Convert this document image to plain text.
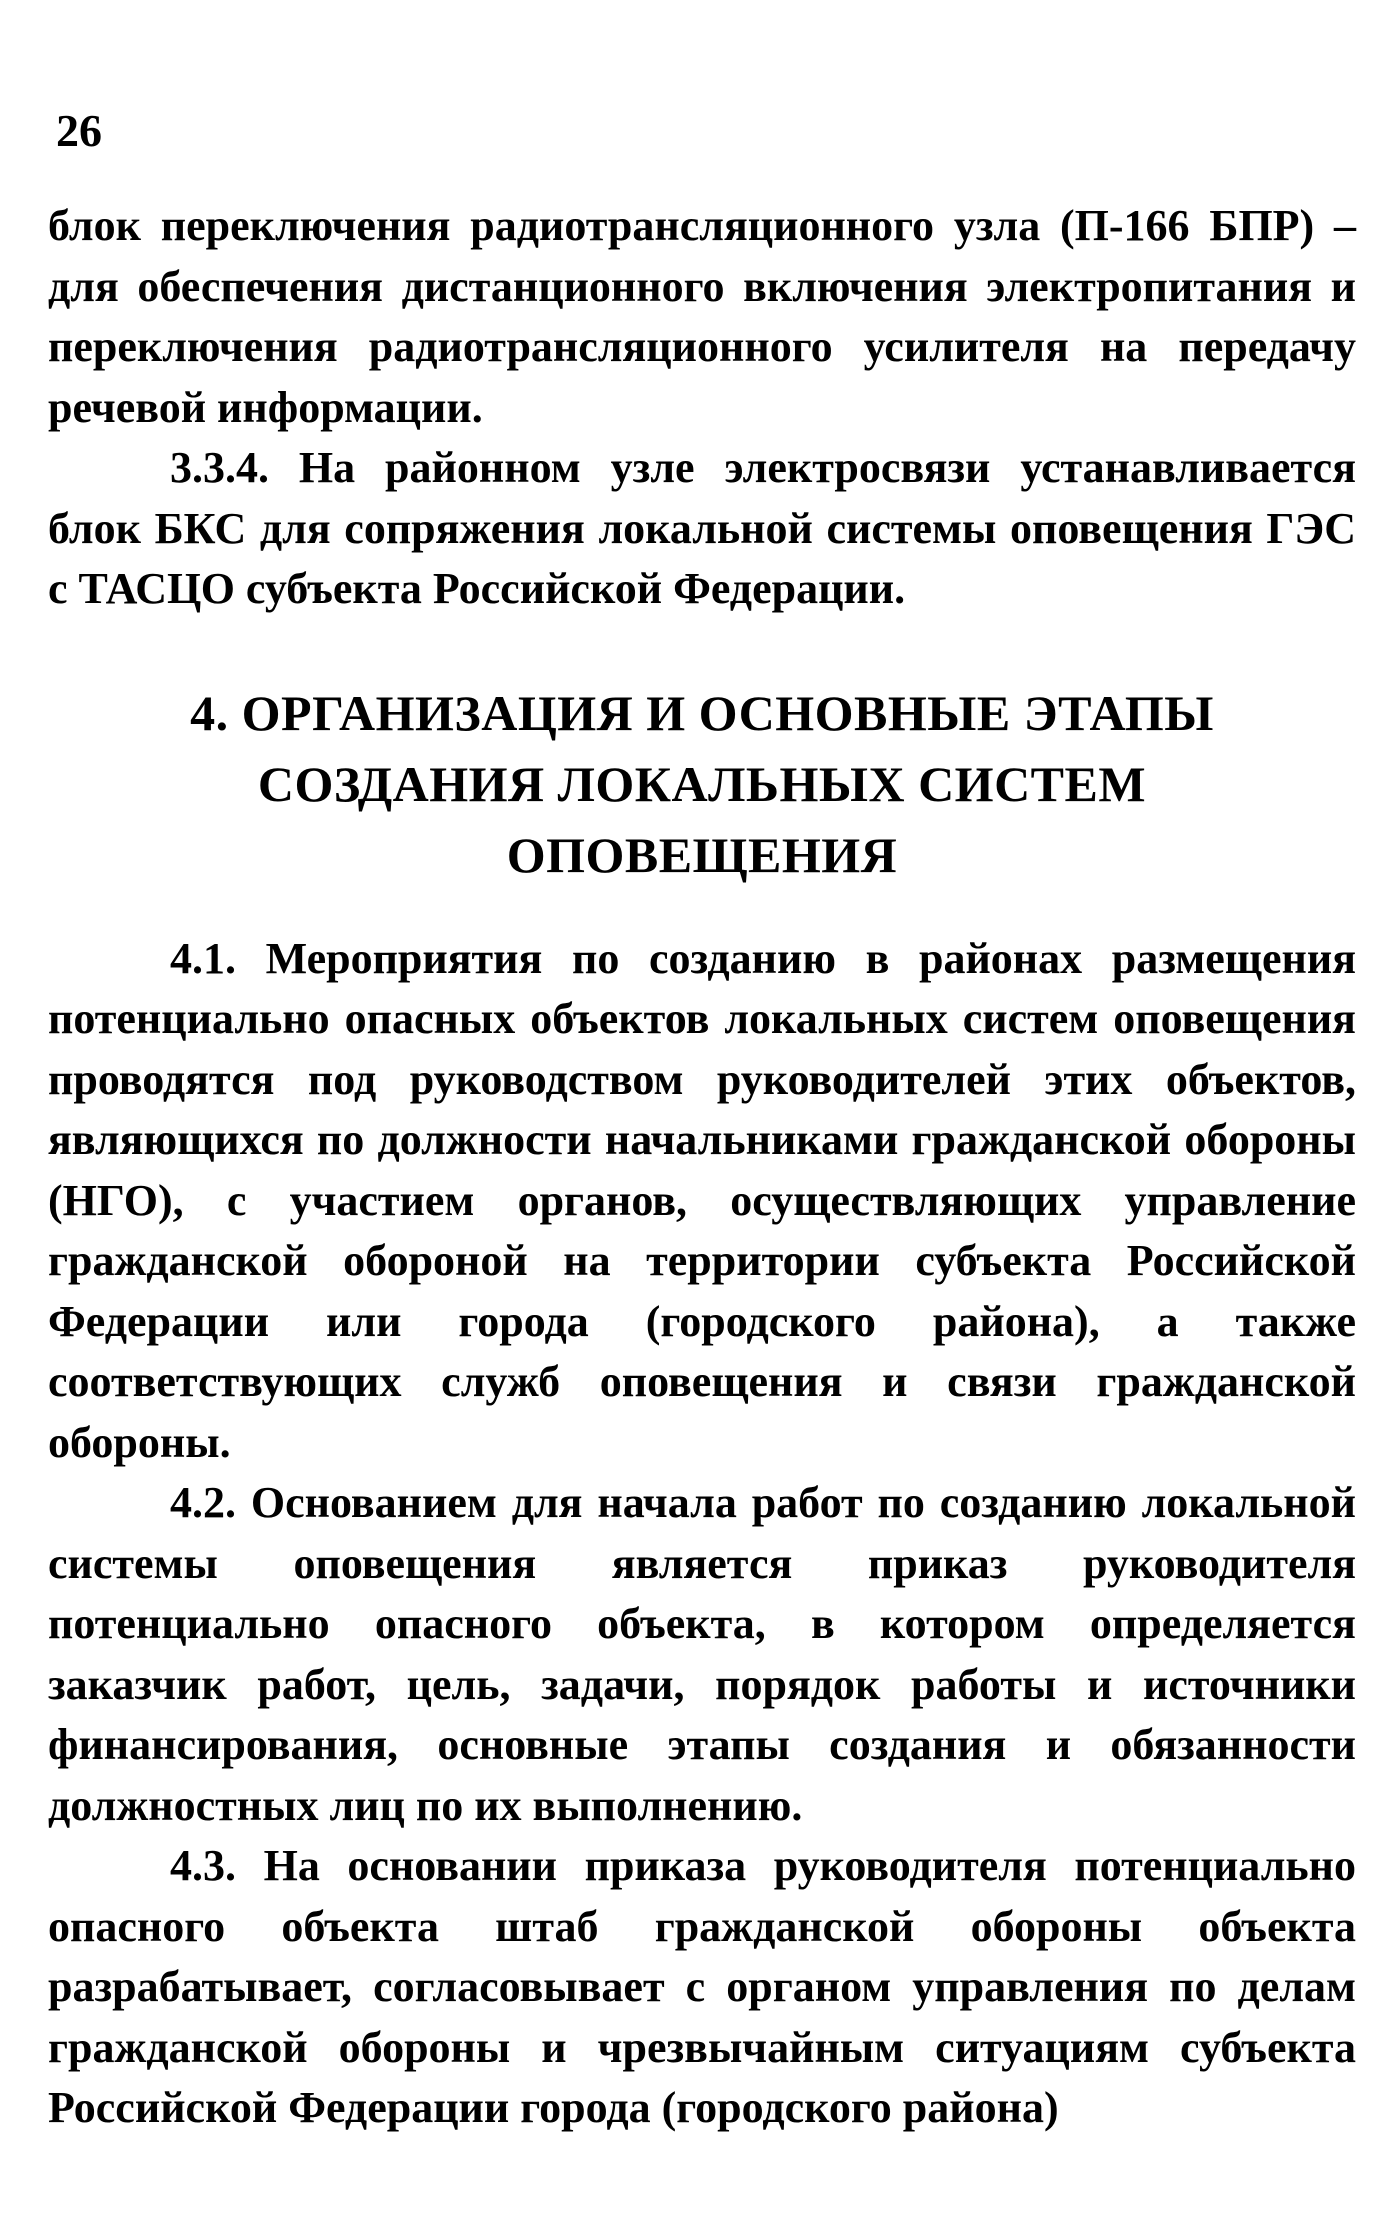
26

блок переключения радиотрансляционного узла (П-166 БПР) – для обеспечения дистанционного включения электропитания и переключения радиотрансляционного усилителя на передачу речевой информации.

3.3.4. На районном узле электросвязи устанавливается блок БКС для сопряжения локальной системы оповещения ГЭС с ТАСЦО субъекта Российской Федерации.

4. ОРГАНИЗАЦИЯ И ОСНОВНЫЕ ЭТАПЫ
СОЗДАНИЯ ЛОКАЛЬНЫХ СИСТЕМ
ОПОВЕЩЕНИЯ

4.1. Мероприятия по созданию в районах размещения потенциально опасных объектов локальных систем оповещения проводятся под руководством руководителей этих объектов, являющихся по должности начальниками гражданской обороны (НГО), с участием органов, осуществляющих управление гражданской обороной на территории субъекта Российской Федерации или города (городского района), а также соответствующих служб оповещения и связи гражданской обороны.

4.2. Основанием для начала работ по созданию локальной системы оповещения является приказ руководителя потенциально опасного объекта, в котором определяется заказчик работ, цель, задачи, порядок работы и источники финансирования, основные этапы создания и обязанности должностных лиц по их выполнению.

4.3. На основании приказа руководителя потенциально опасного объекта штаб гражданской обороны объекта разрабатывает, согласовывает с органом управления по делам гражданской обороны и чрезвычайным ситуациям субъекта Российской Федерации города (городского района)
